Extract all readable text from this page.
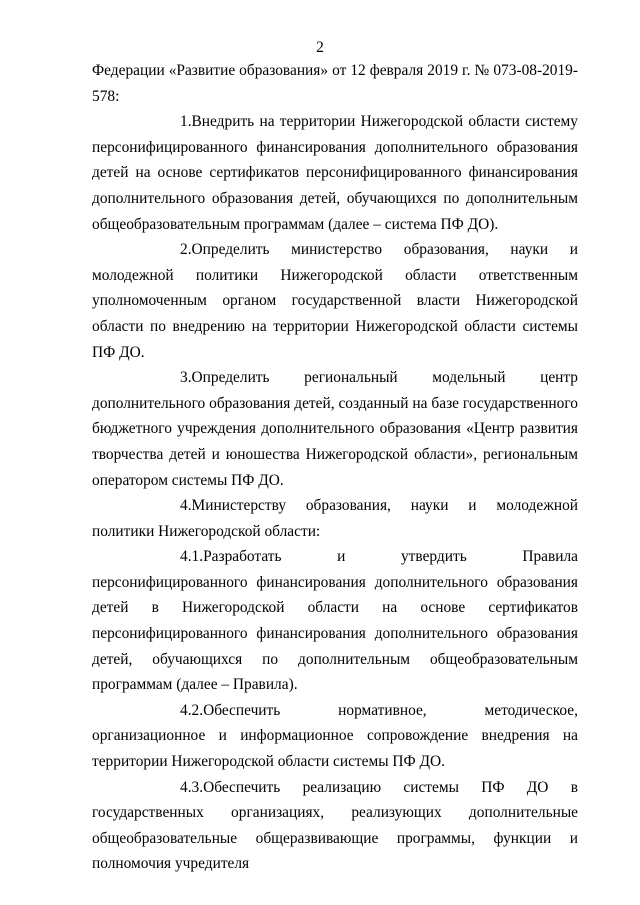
2

Федерации «Развитие образования» от 12 февраля 2019 г. № 073-08-2019-578:

1.Внедрить на территории Нижегородской области систему персонифицированного финансирования дополнительного образования детей на основе сертификатов персонифицированного финансирования дополнительного образования детей, обучающихся по дополнительным общеобразовательным программам (далее – система ПФ ДО).

2.Определить министерство образования, науки и молодежной политики Нижегородской области ответственным уполномоченным органом государственной власти Нижегородской области по внедрению на территории Нижегородской области системы ПФ ДО.

3.Определить региональный модельный центр дополнительного образования детей, созданный на базе государственного бюджетного учреждения дополнительного образования «Центр развития творчества детей и юношества Нижегородской области», региональным оператором системы ПФ ДО.

4.Министерству образования, науки и молодежной политики Нижегородской области:

4.1.Разработать и утвердить Правила персонифицированного финансирования дополнительного образования детей в Нижегородской области на основе сертификатов персонифицированного финансирования дополнительного образования детей, обучающихся по дополнительным общеобразовательным программам (далее – Правила).

4.2.Обеспечить нормативное, методическое, организационное и информационное сопровождение внедрения на территории Нижегородской области системы ПФ ДО.

4.3.Обеспечить реализацию системы ПФ ДО в государственных организациях, реализующих дополнительные общеобразовательные общеразвивающие программы, функции и полномочия учредителя
